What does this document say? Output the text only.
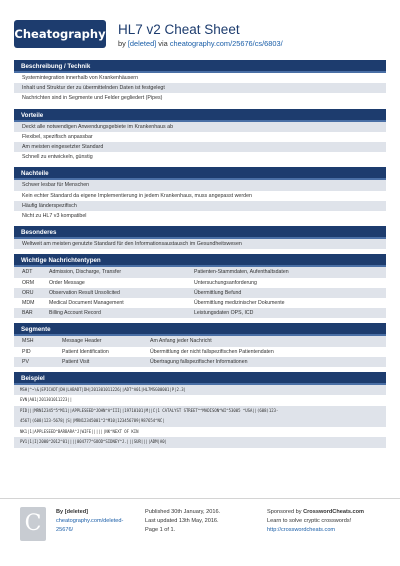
Cheatography HL7 v2 Cheat Sheet
by [deleted] via cheatography.com/25676/cs/6803/
Beschreibung / Technik
Systemintegration innerhalb von Krankenhäusern
Inhalt und Struktur der zu übermittelnden Daten ist festgelegt
Nachrichten sind in Segmente und Felder gegliedert (Pipes)
Vorteile
Deckt alle notwendigen Anwendungsgebiete im Krankenhaus ab
Flexibel, spezifisch anpassbar
Am meisten eingesetzter Standard
Schnell zu entwickeln, günstig
Nachteile
Schwer lesbar für Menschen
Kein echter Standard da eigene Implementierung in jedem Krankenhaus, muss angepasst werden
Häufig länderspezifisch
Nicht zu HL7 v3 kompatibel
Besonderes
Weltweit am meisten genutzte Standard für den Informationsaustausch im Gesundheitswesen
Wichtige Nachrichtentypen
ADT	Admission, Discharge, Transfer	Patienten-Stammdaten, Aufenthaltsdaten
ORM	Order Message	Untersuchungsanforderung
ORU	Observation Result Unsolicited	Übermittlung Befund
MDM	Medical Document Management	Übermittlung medizinischer Dokumente
BAR	Billing Account Record	Leistungsdaten OPS, ICD
Segmente
MSH	Message Header	Am Anfang jeder Nachricht
PID	Patient Identification	Übermittlung der nicht fallspezifischen Patientendaten
PV	Patient Visit	Übertragung fallspezifischer Informationen
Beispiel
MSH|^~\&|EPICADT|DH|LABADT|DH|201301011226||ADT^A01|HL7MSG00001|P|2.3|
EVN|A01|201301011223||
PID|||MRN12345^5^M11||APPLESEED^JOHN^A^III||19710101|M||C|1 CATALYST STREET^^MADISON^WI^53005 ^USA||(608)123-
4567|(608)123-5678||S||MRN12345001^2^M10|123456789|987654^NC|
NK1|1|APPLESEED^BARBARA^J|WIFE||||||NK^NEXT OF KIN
PV1|1|I|2000^2012^01||||004777^GOOD^SIDNEY^J.|||SUR||||ADM|A0|
C	By [deleted]
cheatography.com/deleted-
25676/
Published 30th January, 2016.
Last updated 13th May, 2016.
Page 1 of 1.
Sponsored by CrosswordCheats.com
Learn to solve cryptic crosswords!
http://crosswordcheats.com
